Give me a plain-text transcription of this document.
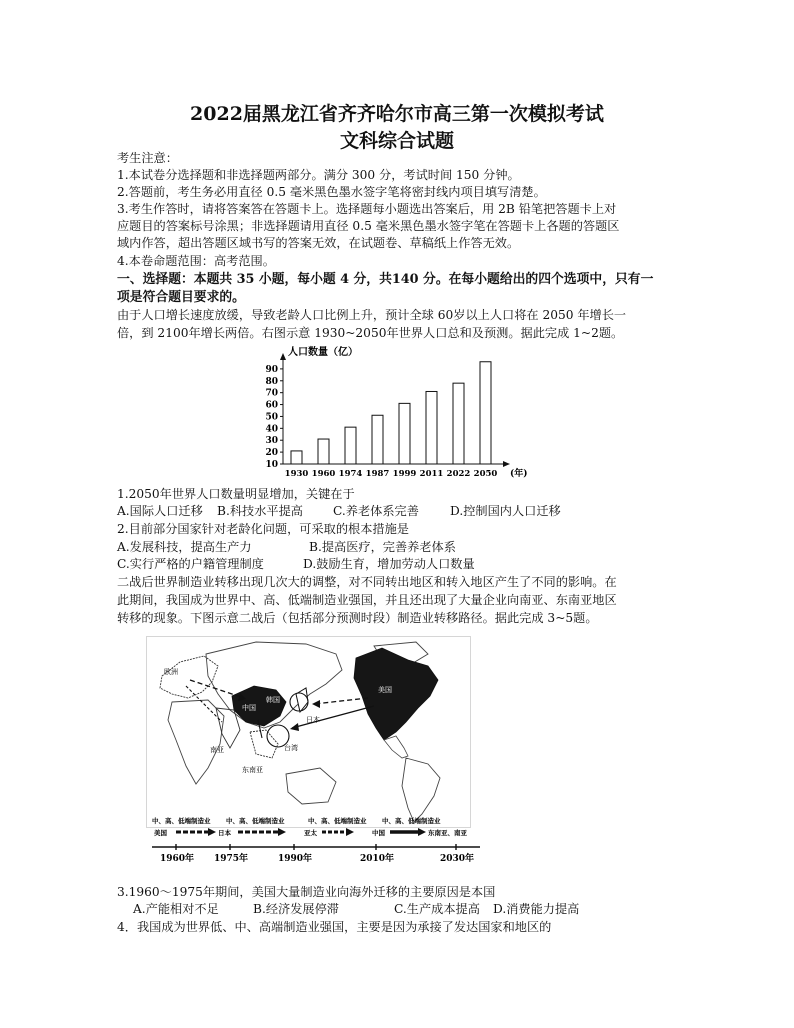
2022届黑龙江省齐齐哈尔市高三第一次模拟考试
文科综合试题
考生注意：
1.本试卷分选择题和非选择题两部分。满分 300 分，考试时间 150 分钟。
2.答题前，考生务必用直径 0.5 毫米黑色墨水签字笔将密封线内项目填写清楚。
3.考生作答时，请将答案答在答题卡上。选择题每小题选出答案后，用 2B 铅笔把答题卡上对
应题目的答案标号涂黑；非选择题请用直径 0.5 毫米黑色墨水签字笔在答题卡上各题的答题区
域内作答，超出答题区域书写的答案无效，在试题卷、草稿纸上作答无效。
4.本卷命题范围：高考范围。
一、选择题：本题共 35 小题，每小题 4 分，共140 分。在每小题给出的四个选项中，只有一
项是符合题目要求的。
由于人口增长速度放缓，导致老龄人口比例上升，预计全球 60岁以上人口将在 2050 年增长一
倍，到 2100年增长两倍。右图示意 1930~2050年世界人口总和及预测。据此完成 1~2题。
人口数量（亿）
10
20
30
40
50
60
70
80
90
1930 1960 1974 1987 1999 2011 2022 2050 (年)
1.2050年世界人口数量明显增加，关键在于
A.国际人口迁移 B.科技水平提高 C.养老体系完善	D.控制国内人口迁移
2.目前部分国家针对老龄化问题，可采取的根本措施是
A.发展科技，提高生产力	B.提高医疗，完善养老体系
C.实行严格的户籍管理制度	D.鼓励生育，增加劳动人口数量
二战后世界制造业转移出现几次大的调整，对不同转出地区和转入地区产生了不同的影响。在
此期间，我国成为世界中、高、低端制造业强国，并且还出现了大量企业向南亚、东南亚地区
转移的现象。下图示意二战后（包括部分预测时段）制造业转移路径。据此完成 3~5题。
欧洲
美国
日本
韩国
中国
台湾
南亚
东南亚
中、高、低端制造业 中、高、低端制造业	中、高、低端制造业 中、高、低端制造业
美国	日本	亚太	中国	东南亚、南亚
1960年 1975年	1990年	2010年	2030年
3.1960～1975年期间，美国大量制造业向海外迁移的主要原因是本国
A.产能相对不足	B.经济发展停滞	C.生产成本提高 D.消费能力提高
4．我国成为世界低、中、高端制造业强国，主要是因为承接了发达国家和地区的
